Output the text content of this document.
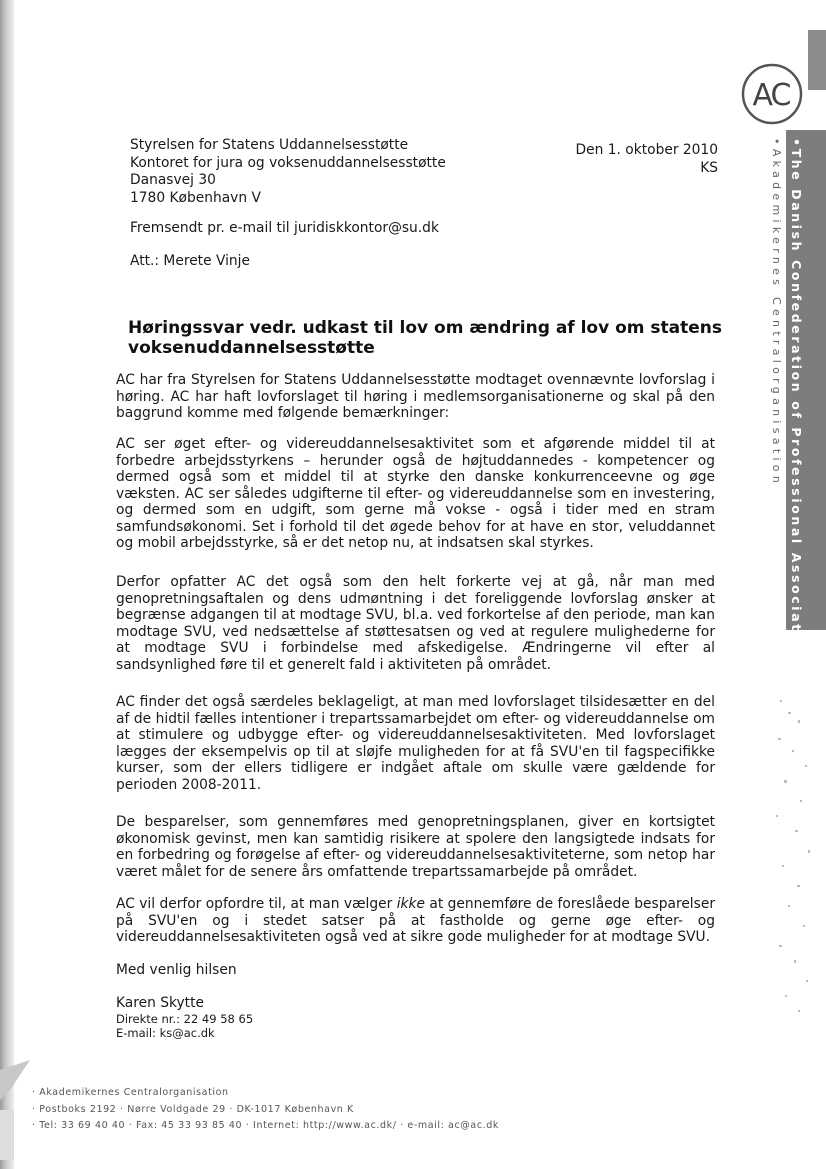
AC
•The Danish Confederation of Professional Associations
•Akademikernes Centralorganisation
Styrelsen for Statens Uddannelsesstøtte
Kontoret for jura og voksenuddannelsesstøtte
Danasvej 30
1780 København V
Den 1. oktober 2010
KS

Fremsendt pr. e-mail til juridiskkontor@su.dk

Att.: Merete Vinje

Høringssvar vedr. udkast til lov om ændring af lov om statens voksenuddannelsesstøtte

AC har fra Styrelsen for Statens Uddannelsesstøtte modtaget ovennævnte lovforslag i høring. AC har haft lovforslaget til høring i medlemsorganisationerne og skal på den baggrund komme med følgende bemærkninger:

AC ser øget efter- og videreuddannelsesaktivitet som et afgørende middel til at forbedre arbejdsstyrkens – herunder også de højtuddannedes - kompetencer og dermed også som et middel til at styrke den danske konkurrenceevne og øge væksten. AC ser således udgifterne til efter- og videreuddannelse som en investering, og dermed som en udgift, som gerne må vokse - også i tider med en stram samfundsøkonomi. Set i forhold til det øgede behov for at have en stor, veluddannet og mobil arbejdsstyrke, så er det netop nu, at indsatsen skal styrkes.

Derfor opfatter AC det også som den helt forkerte vej at gå, når man med genopretningsaftalen og dens udmøntning i det foreliggende lovforslag ønsker at begrænse adgangen til at modtage SVU, bl.a. ved forkortelse af den periode, man kan modtage SVU, ved nedsættelse af støttesatsen og ved at regulere mulighederne for at modtage SVU i forbindelse med afskedigelse. Ændringerne vil efter al sandsynlighed føre til et generelt fald i aktiviteten på området.

AC finder det også særdeles beklageligt, at man med lovforslaget tilsidesætter en del af de hidtil fælles intentioner i trepartssamarbejdet om efter- og videreuddannelse om at stimulere og udbygge efter- og videreuddannelsesaktiviteten. Med lovforslaget lægges der eksempelvis op til at sløjfe muligheden for at få SVU'en til fagspecifikke kurser, som der ellers tidligere er indgået aftale om skulle være gældende for perioden 2008-2011.

De besparelser, som gennemføres med genopretningsplanen, giver en kortsigtet økonomisk gevinst, men kan samtidig risikere at spolere den langsigtede indsats for en forbedring og forøgelse af efter- og videreuddannelsesaktiviteterne, som netop har været målet for de senere års omfattende trepartssamarbejde på området.

AC vil derfor opfordre til, at man vælger ikke at gennemføre de foreslåede besparelser på SVU'en og i stedet satser på at fastholde og gerne øge efter- og videreuddannelsesaktiviteten også ved at sikre gode muligheder for at modtage SVU.

Med venlig hilsen

Karen Skytte

Direkte nr.: 22 49 58 65

E-mail: ks@ac.dk

· Akademikernes Centralorganisation
· Postboks 2192 · Nørre Voldgade 29 · DK-1017 København K
· Tel: 33 69 40 40 · Fax: 45 33 93 85 40 · Internet: http://www.ac.dk/ · e-mail: ac@ac.dk
